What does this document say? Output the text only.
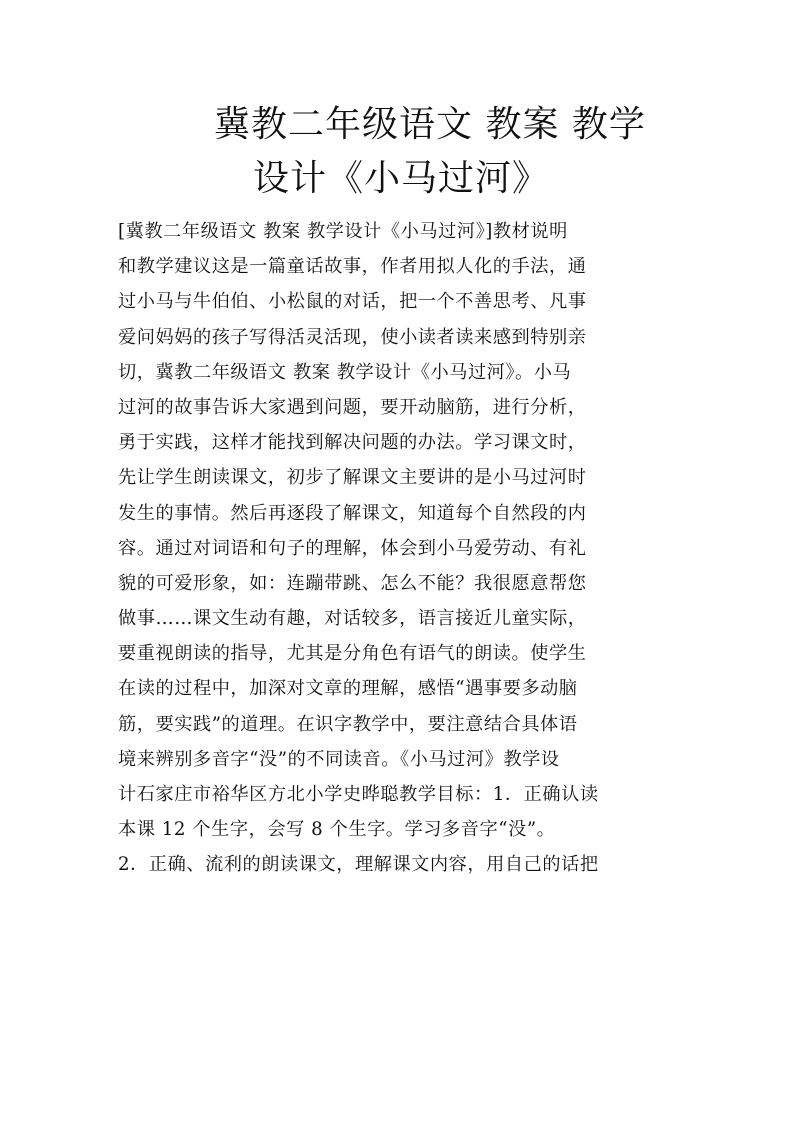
冀教二年级语文 教案 教学
设计《小马过河》
[冀教二年级语文 教案 教学设计《小马过河》]教材说明
和教学建议这是一篇童话故事，作者用拟人化的手法，通
过小马与牛伯伯、小松鼠的对话，把一个不善思考、凡事
爱问妈妈的孩子写得活灵活现，使小读者读来感到特别亲
切，冀教二年级语文 教案 教学设计《小马过河》。小马
过河的故事告诉大家遇到问题，要开动脑筋，进行分析，
勇于实践，这样才能找到解决问题的办法。学习课文时，
先让学生朗读课文，初步了解课文主要讲的是小马过河时
发生的事情。然后再逐段了解课文，知道每个自然段的内
容。通过对词语和句子的理解，体会到小马爱劳动、有礼
貌的可爱形象，如：连蹦带跳、怎么不能？我很愿意帮您
做事……课文生动有趣，对话较多，语言接近儿童实际，
要重视朗读的指导，尤其是分角色有语气的朗读。使学生
在读的过程中，加深对文章的理解，感悟“遇事要多动脑
筋，要实践”的道理。在识字教学中，要注意结合具体语
境来辨别多音字“没”的不同读音。《小马过河》教学设
计石家庄市裕华区方北小学史晔聪教学目标：1．正确认读
本课 12 个生字，会写 8 个生字。学习多音字“没”。
2．正确、流利的朗读课文，理解课文内容，用自己的话把
